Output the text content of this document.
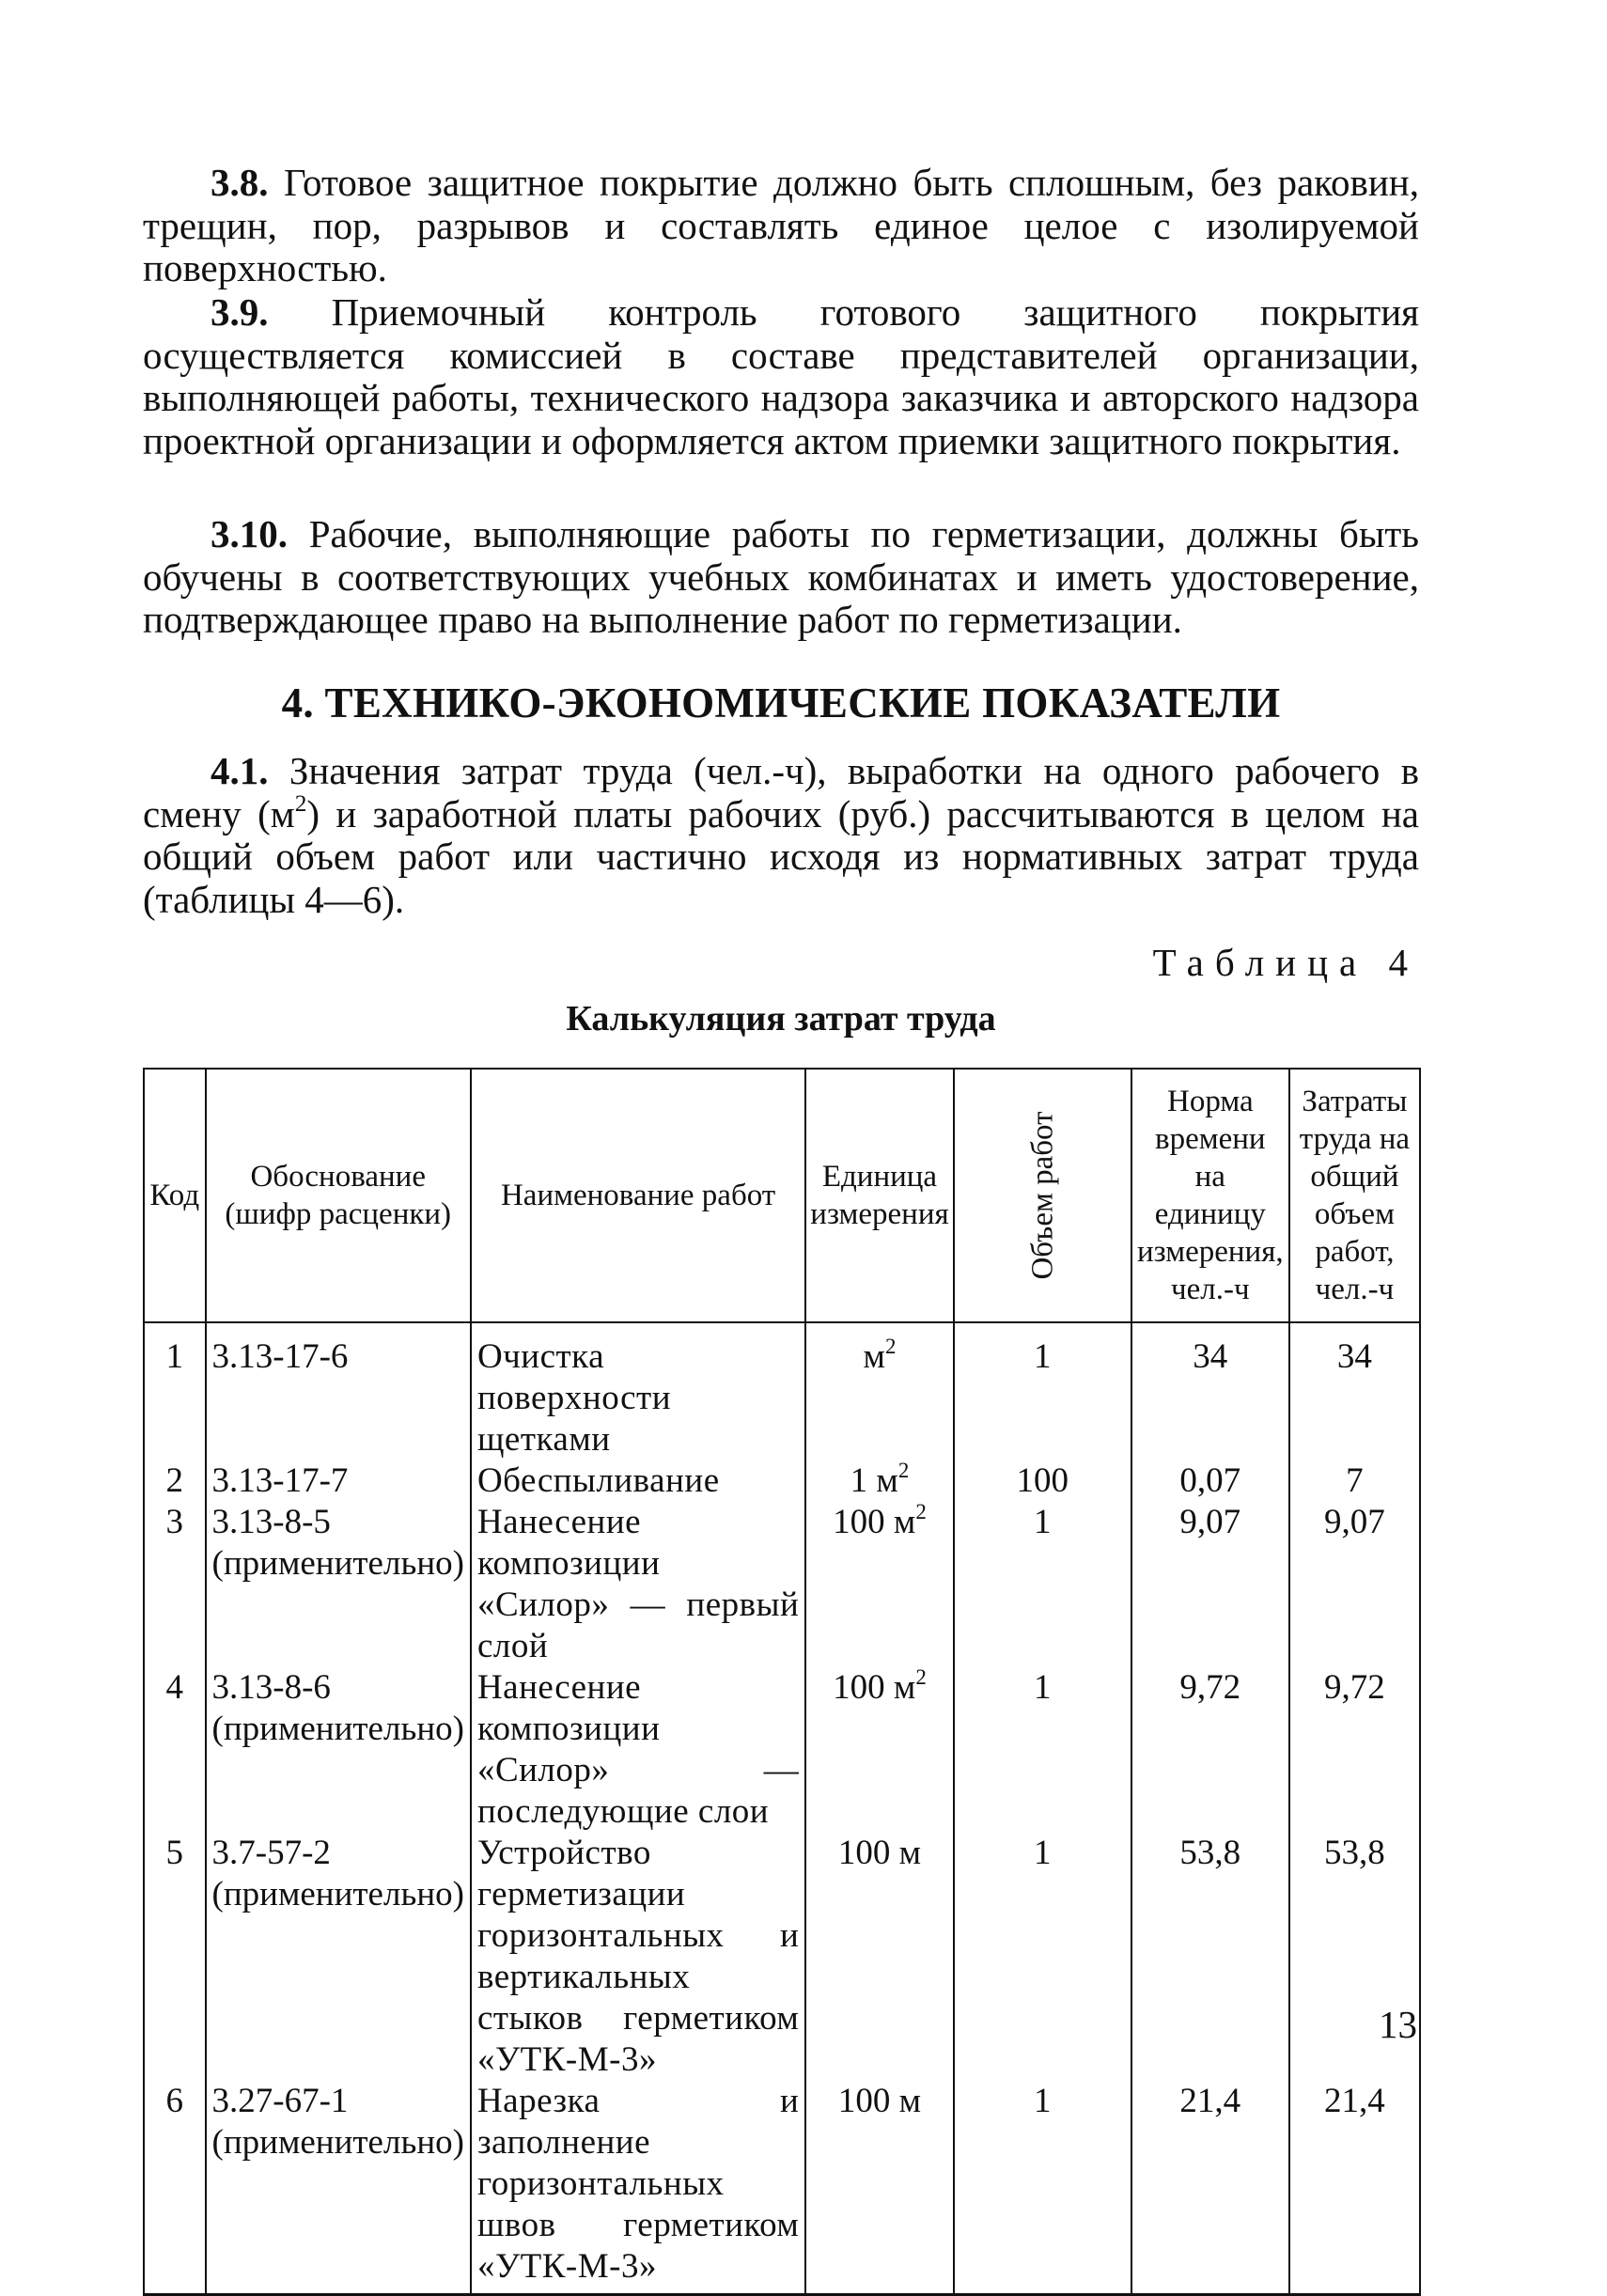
3.8. Готовое защитное покрытие должно быть сплошным, без раковин, трещин, пор, разрывов и составлять единое целое с изолируемой поверхностью.

3.9. Приемочный контроль готового защитного покрытия осуществляется комиссией в составе представителей организации, выполняющей работы, технического надзора заказчика и авторского надзора проектной организации и оформляется актом приемки защитного покрытия.

3.10. Рабочие, выполняющие работы по герметизации, должны быть обучены в соответствующих учебных комбинатах и иметь удостоверение, подтверждающее право на выполнение работ по герметизации.

4. ТЕХНИКО-ЭКОНОМИЧЕСКИЕ ПОКАЗАТЕЛИ

4.1. Значения затрат труда (чел.-ч), выработки на одного рабочего в смену $(м^2)$ и заработной платы рабочих (руб.) рассчитываются в целом на общий объем работ или частично исходя из нормативных затрат труда (таблицы 4—6).

Таблица 4
Калькуляция затрат труда
Код	Обоснование (шифр расценки)	Наименование работ	Единица измерения	Объем работ	Норма времени на единицу измерения, чел.-ч	Затраты труда на общий объем работ, чел.-ч
1	3.13-17-6	Очистка поверхности щетками	$м^2$	1	34	34
2	3.13-17-7	Обеспыливание	1 $м^2$	100	0,07	7
3	3.13-8-5 (применительно)	Нанесение композиции «Силор» — первый слой	100 $м^2$	1	9,07	9,07
4	3.13-8-6 (применительно)	Нанесение композиции «Силор» — последующие слои	100 $м^2$	1	9,72	9,72
5	3.7-57-2 (применительно)	Устройство герметизации горизонтальных и вертикальных стыков герметиком «УТК-М-3»	100 м	1	53,8	53,8
6	3.27-67-1 (применительно)	Нарезка и заполнение горизонтальных швов герметиком «УТК-М-3»	100 м	1	21,4	21,4
13
